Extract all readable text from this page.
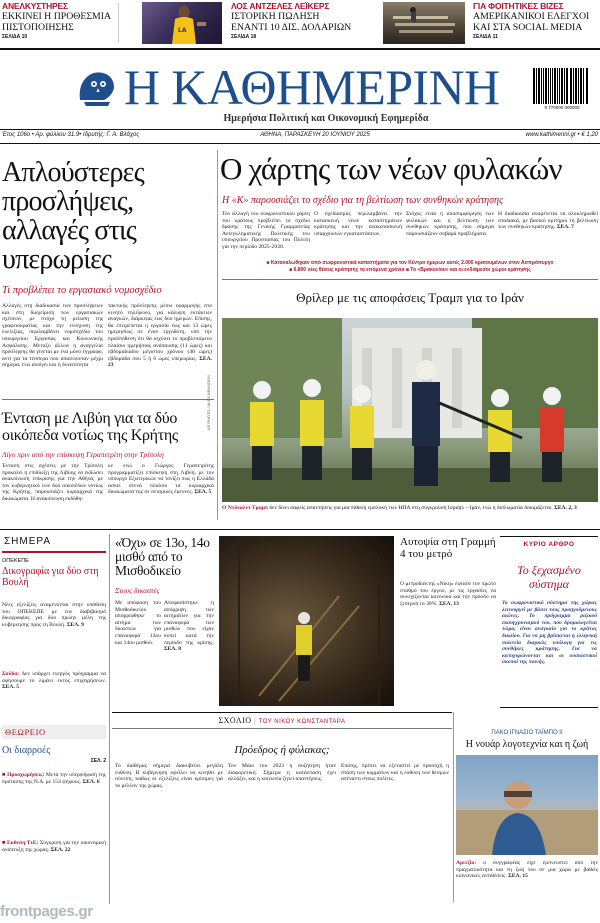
ΑΝΕΛΚΥΣΤΗΡΕΣ
ΕΚΚΙΝΕΙ Η ΠΡΟΘΕΣΜΙΑ
ΠΙΣΤΟΠΟΙΗΣΗΣ
ΣΕΛΙΔΑ 10
LA
ΛΟΣ ΑΝΤΖΕΛΕΣ ΛΕΪΚΕΡΣ
ΙΣΤΟΡΙΚΗ ΠΩΛΗΣΗ
ΕΝΑΝΤΙ 10 ΔΙΣ. ΔΟΛΑΡΙΩΝ
ΣΕΛΙΔΑ 18
ΓΙΑ ΦΟΙΤΗΤΙΚΕΣ ΒΙΖΕΣ
ΑΜΕΡΙΚΑΝΙΚΟΙ ΕΛΕΓΧΟΙ
ΚΑΙ ΣΤΑ SOCIAL MEDIA
ΣΕΛΙΔΑ 11
Η ΚΑΘΗΜΕΡΙΝΗ
Ημερήσια Πολιτική και Οικονομική Εφημερίδα
9 770000 000000
Έτος 106ο • Αρ. φύλλου 31.9• Ιδρυτής: Γ. Α. Βλάχος	ΑΘΗΝΑ, ΠΑΡΑΣΚΕΥΗ 20 ΙΟΥΝΙΟΥ 2025	www.kathimerini.gr • € 1,20
Απλούστερες προσλήψεις, αλλαγές στις υπερωρίες
Τι προβλέπει το εργασιακό νομοσχέδιο
Αλλαγές στη διαδικασία των προσλήψεων και στη διαχείριση των εργασιακών σχέσεων, με στόχο τη μείωση της γραφειοκρατίας και την ενίσχυση της ευελιξίας, περιλαμβάνει νομοσχέδιο του υπουργείου Εργασίας και Κοινωνικής Ασφάλισης. Μεταξύ άλλων η αναγγελία πρόσληψης θα γίνεται με ένα μόνο έγγραφο, αντί για τα τέσσερα που απαιτούνταν μέχρι σήμερα, ενώ ανοίγει και η δυνατότητα
τακτικής πρόσληψης μέσω εφαρμογής στο κινητό τηλέφωνο, για κάλυψη εκτάκτων αναγκών, διάρκειας έως δύο ημερών. Επίσης, θα επιτρέπεται η εργασία έως και 13 ώρες ημερησίως σε έναν εργοδότη, υπό την προϋπόθεση ότι θα ισχύσει το προβλεπόμενο πλαίσιο ημερήσιας ανάπαυσης (11 ώρες) και εβδομαδιαίου μέγιστου χρόνου (40 ώρες) εβδομάδα σου 5 ή 6 ώρες υπερωρίας. ΣΕΛ. 23
Ένταση με Λιβύη για τα δύο οικόπεδα νοτίως της Κρήτης
Λίγο πριν από την επίσκεψη Γεραπετρίτη στην Τρίπολη
Ένταση στις σχέσεις με την Τρίπολη προκαλεί η επιδίωξη της Λιβύης να εκδώσει ανακοίνωση επίκρισης για την Αθήνα, με τον κυβερνητικό των δύο οικοπέδων νοτίως της Κρήτης, παρουσιάζει κυριαρχικά της δικαιώματα. Η ανακοίνωση εκδόθη-
κε ενώ ο Γιώργος Γεραπετρίτης προγραμματίζει επίσκεψη στη Λιβύη, με τον υπουργό Εξωτερικών να τονίζει πως η Ελλάδα ασκεί στενά πλαίσιο τα κυριαρχικά δικαιώματά της σε σεισμικές έρευνες. ΣΕΛ. 5
Ο χάρτης των νέων φυλακών
Η «Κ» παρουσιάζει το σχέδιο για τη βελτίωση των συνθηκών κράτησης
Τον άλλαγή του σωφρονιστικού χάρτη του κράτους προβλέπει το σχέδιο δράσης της Γενικής Γραμματείας Αντεγκληματικής Πολιτικής του υπουργείου Προστασίας του Πολίτη για την περίοδο 2025-2030.
Ο σχεδιασμός περιλαμβάνει την κατασκευή νέων καταστημάτων κράτησης και την ανακατασκευή υπαρχουσών εγκαταστάσεων.
Στόχος είναι η αποσυμφόρηση των φυλακών και η βελτίωση των συνθηκών κράτησης, που σήμερα παρουσιάζουν σοβαρά προβλήματα.
Η διαδικασία αναμένεται να ολοκληρωθεί σταδιακά, με βασικό κριτήριο τη βελτίωση των συνθηκών κράτησης. ΣΕΛ. 7
■ Καταναλωθηκαν από σωφρονιστικά καταστήματα για τον Κέντρο ημερων αυτές 2.000 κρατουμένων στον Ασπρόπυργο
■ 6.800 νέες θέσεις κράτησης τα επόμενα χρόνια ■ Το «Βρακονίου» και οι ενδιάμεσοι χώροι κράτησης
Θρίλερ με τις αποφάσεις Τραμπ για το Ιράν
AP PHOTO / ALEX BRANDON
Ο Ντόναλντ Τραμπ δεν δίνει σαφείς απαντήσεις για μια πιθανή εμπλοκή των ΗΠΑ στη σύγκρουση Ισραήλ – Ιράν, ενώ η διπλωματία δοκιμάζεται. ΣΕΛ. 2, 3
ΣΗΜΕΡΑ
ΟΠΕΚΕΠΕ
Δικογραφία για δύο στη Βουλή
Νέες εξελίξεις αναμένονται στην υπόθεση του ΟΠΕΚΕΠΕ με τον διαβιβασμό δικογραφίας για δύο πρώην μέλη της κυβέρνησης προς τη Βουλή. ΣΕΛ. 9
Σούδα: Δεν υπάρχει ενεργός πρόγραμμα να αφήσουμε το λιμάνι εκτός επιχειρήσεων. ΣΕΛ. 5
ΘΕΩΡΕΙΟ
Οι διαρροές
ΣΕΛ. 2
■ Προσχωρήσεις: Μετά την υπερψήφιση της πρότασης της Ν.Δ. με 154 ψήφους. ΣΕΛ. 6
■ Εκθεση ΤτΕ: Σύγκριση για την οικονομική ανάπτυξη της χώρας. ΣΕΛ. 22
«Όχι» σε 13ο, 14ο μισθό από το Μισθοδικείο
Στους δικαστές
Με απόφαση του Μισθοδικείου απορρίφθηκε το αίτημα των δικαστών για επαναφορά 13ου και 14ου μισθού.
Αποφασίστηκε η απόρριψη των αιτημάτων για την επαναφορά των μισθών που είχαν κοπεί κατά την περίοδο της κρίσης. ΣΕΛ. 8
Αυτοψία στη Γραμμή 4 του μετρό
Ο μετροδιέκτης «Νίκη» έφτασε τον πρώτο σταθμό του έργου, με τις εργασίες να συνεχίζονται κανονικά και την πρόοδο να ξεπερνά το 30%. ΣΕΛ. 13
ΚΥΡΙΟ ΑΡΘΡΟ
Το ξεχασμένο σύστημα
Το σωφρονιστικό σύστημα της χώρας λειτουργεί με βάσει τους προηγούμενους αιώνες. Το πρόγραμμα ριζικού εκσυγχρονισμού του, που δρομολογείται τώρα, είναι αναγκαίο για το κράτος δικαίου. Για να μη βρίσκεται η ελληνική πολιτεία διαρκώς υπόλογη για τις συνθήκες κράτησης. Για να κατοχυρώνονται και οι ουσιαστικοί σκοποί της ποινής.
ΣΧΟΛΙΟ | ΤΟΥ ΝΙΚΟΥ ΚΩΝΣΤΑΝΤΑΡΑ
Πρόεδρος ή φύλακας;
Το διαθέρας σήμερα διακυβεύει μεγάλη ευθύνη. Η κυβέρνηση οφείλει να κινηθεί με σύνεση, καθώς οι εξελίξεις είναι κρίσιμες για το μέλλον της χώρας.
Τον Μάιο του 2023 η συζήτηση ήταν διαφορετική. Σήμερα η κατάσταση έχει αλλάξει, και η κοινωνία ζητεί απαντήσεις.
Επίσης, πρέπει να εξεταστεί με προσοχή η στάση των κομμάτων και η ευθύνη των θεσμών απέναντι στους πολίτες.
ΠΑΚΟ ΙΓΝΑΣΙΟ ΤΑΪΜΠΟ ΙΙ
Η νουάρ λογοτεχνία και η ζωή
Αριτζίο: ο συγγραφέας είχε εμπνευστεί από την πραγματικότητα και τη ζωή του σε μια χώρα με βαθιές κοινωνικές αντιθέσεις. ΣΕΛ. 15
frontpages.gr
